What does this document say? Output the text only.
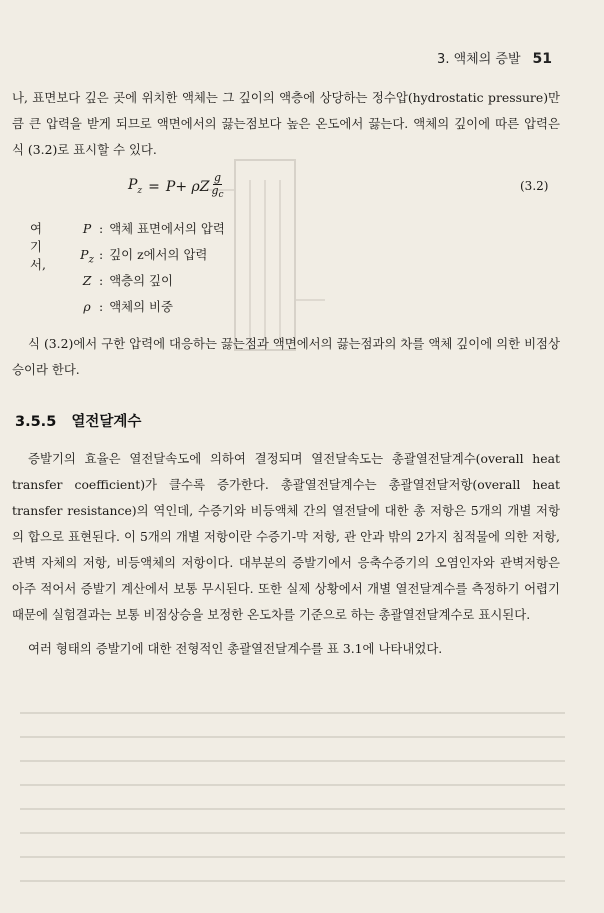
3. 액체의 증발 51
나, 표면보다 깊은 곳에 위치한 액체는 그 깊이의 액층에 상당하는 정수압(hydrostatic pressure)만큼 큰 압력을 받게 되므로 액면에서의 끓는점보다 높은 온도에서 끓는다. 액체의 깊이에 따른 압력은 식 (3.2)로 표시할 수 있다.
$P_z = P+ \rho Z \frac{g}{g_c}$	(3.2)
여기서,
P : 액체 표면에서의 압력
$P_z$ : 깊이 z에서의 압력
Z : 액층의 깊이
ρ : 액체의 비중
식 (3.2)에서 구한 압력에 대응하는 끓는점과 액면에서의 끓는점과의 차를 액체 깊이에 의한 비점상승이라 한다.
3.5.5 열전달계수
증발기의 효율은 열전달속도에 의하여 결정되며 열전달속도는 총괄열전달계수(overall heat transfer coefficient)가 클수록 증가한다. 총괄열전달계수는 총괄열전달저항(overall heat transfer resistance)의 역인데, 수증기와 비등액체 간의 열전달에 대한 총 저항은 5개의 개별 저항의 합으로 표현된다. 이 5개의 개별 저항이란 수증기-막 저항, 관 안과 밖의 2가지 침적물에 의한 저항, 관벽 자체의 저항, 비등액체의 저항이다. 대부분의 증발기에서 응축수증기의 오염인자와 관벽저항은 아주 적어서 증발기 계산에서 보통 무시된다. 또한 실제 상황에서 개별 열전달계수를 측정하기 어렵기 때문에 실험결과는 보통 비점상승을 보정한 온도차를 기준으로 하는 총괄열전달계수로 표시된다.
여러 형태의 증발기에 대한 전형적인 총괄열전달계수를 표 3.1에 나타내었다.
